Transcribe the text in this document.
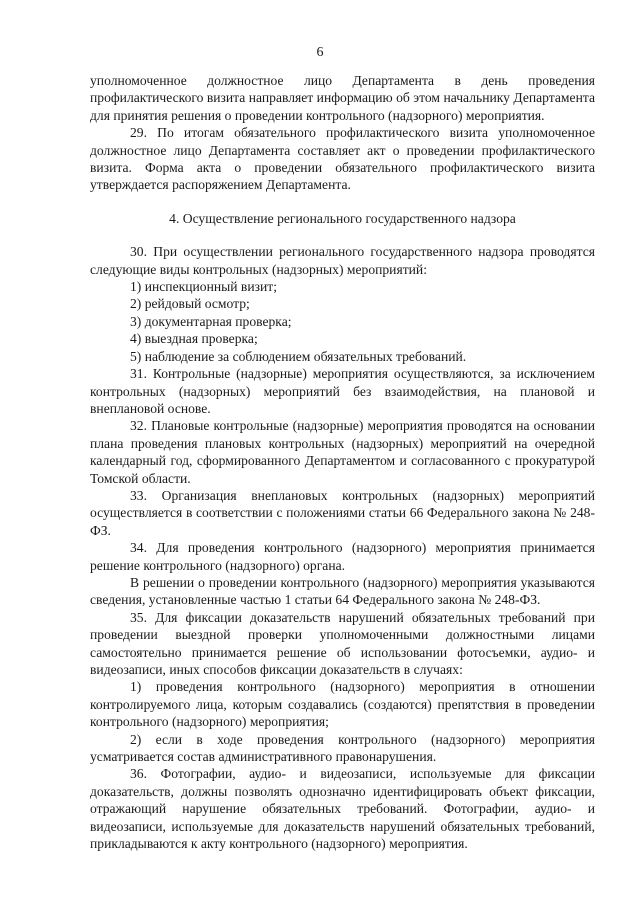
6

уполномоченное должностное лицо Департамента в день проведения профилактического визита направляет информацию об этом начальнику Департамента для принятия решения о проведении контрольного (надзорного) мероприятия.

29. По итогам обязательного профилактического визита уполномоченное должностное лицо Департамента составляет акт о проведении профилактического визита. Форма акта о проведении обязательного профилактического визита утверждается распоряжением Департамента.

4. Осуществление регионального государственного надзора

30. При осуществлении регионального государственного надзора проводятся следующие виды контрольных (надзорных) мероприятий:

1) инспекционный визит;

2) рейдовый осмотр;

3) документарная проверка;

4) выездная проверка;

5) наблюдение за соблюдением обязательных требований.

31. Контрольные (надзорные) мероприятия осуществляются, за исключением контрольных (надзорных) мероприятий без взаимодействия, на плановой и внеплановой основе.

32. Плановые контрольные (надзорные) мероприятия проводятся на основании плана проведения плановых контрольных (надзорных) мероприятий на очередной календарный год, сформированного Департаментом и согласованного с прокуратурой Томской области.

33. Организация внеплановых контрольных (надзорных) мероприятий осуществляется в соответствии с положениями статьи 66 Федерального закона № 248-ФЗ.

34. Для проведения контрольного (надзорного) мероприятия принимается решение контрольного (надзорного) органа.

В решении о проведении контрольного (надзорного) мероприятия указываются сведения, установленные частью 1 статьи 64 Федерального закона № 248-ФЗ.

35. Для фиксации доказательств нарушений обязательных требований при проведении выездной проверки уполномоченными должностными лицами самостоятельно принимается решение об использовании фотосъемки, аудио- и видеозаписи, иных способов фиксации доказательств в случаях:

1) проведения контрольного (надзорного) мероприятия в отношении контролируемого лица, которым создавались (создаются) препятствия в проведении контрольного (надзорного) мероприятия;

2) если в ходе проведения контрольного (надзорного) мероприятия усматривается состав административного правонарушения.

36. Фотографии, аудио- и видеозаписи, используемые для фиксации доказательств, должны позволять однозначно идентифицировать объект фиксации, отражающий нарушение обязательных требований. Фотографии, аудио- и видеозаписи, используемые для доказательств нарушений обязательных требований, прикладываются к акту контрольного (надзорного) мероприятия.
